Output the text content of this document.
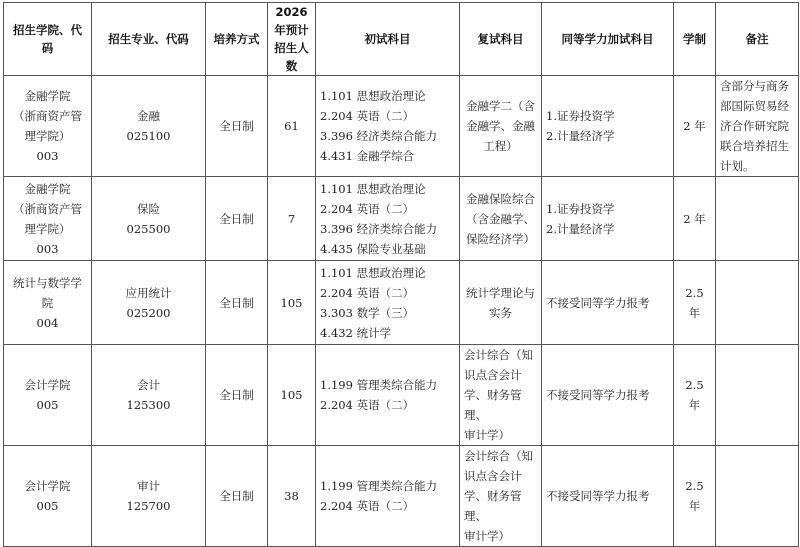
招生学院、代码	招生专业、代码	培养方式	2026年预计招生人数	初试科目	复试科目	同等学力加试科目	学制	备注
金融学院
（浙商资产管
理学院）
003	金融
025100	全日制	61	1.101 思想政治理论
2.204 英语（二）
3.396 经济类综合能力
4.431 金融学综合	金融学二（含
金融学、金融
工程）	1.证券投资学
2.计量经济学	2 年	含部分与商务
部国际贸易经
济合作研究院
联合培养招生
计划。
金融学院
（浙商资产管
理学院）
003	保险
025500	全日制	7	1.101 思想政治理论
2.204 英语（二）
3.396 经济类综合能力
4.435 保险专业基础	金融保险综合
（含金融学、
保险经济学）	1.证券投资学
2.计量经济学	2 年	
统计与数学学
院
004	应用统计
025200	全日制	105	1.101 思想政治理论
2.204 英语（二）
3.303 数学（三）
4.432 统计学	统计学理论与
实务	不接受同等学力报考	2.5 年	
会计学院
005	会计
125300	全日制	105	1.199 管理类综合能力
2.204 英语（二）	会计综合（知
识点含会计
学、财务管理、
审计学）	不接受同等学力报考	2.5 年	
会计学院
005	审计
125700	全日制	38	1.199 管理类综合能力
2.204 英语（二）	会计综合（知
识点含会计
学、财务管理、
审计学）	不接受同等学力报考	2.5 年	
